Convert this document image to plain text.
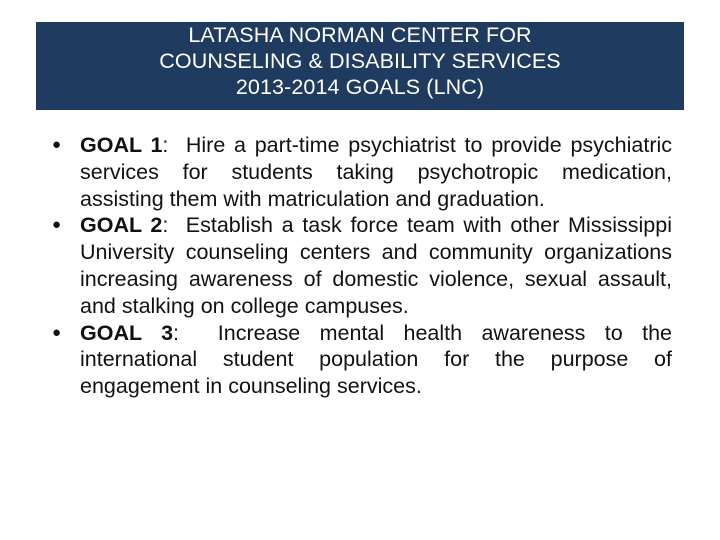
LATASHA NORMAN CENTER FOR
COUNSELING & DISABILITY SERVICES
2013-2014 GOALS (LNC)
● GOAL 1: Hire a part-time psychiatrist to provide psychiatric services for students taking psychotropic medication, assisting them with matriculation and graduation.
● GOAL 2: Establish a task force team with other Mississippi University counseling centers and community organizations increasing awareness of domestic violence, sexual assault, and stalking on college campuses.
● GOAL 3: Increase mental health awareness to the international student population for the purpose of engagement in counseling services.
